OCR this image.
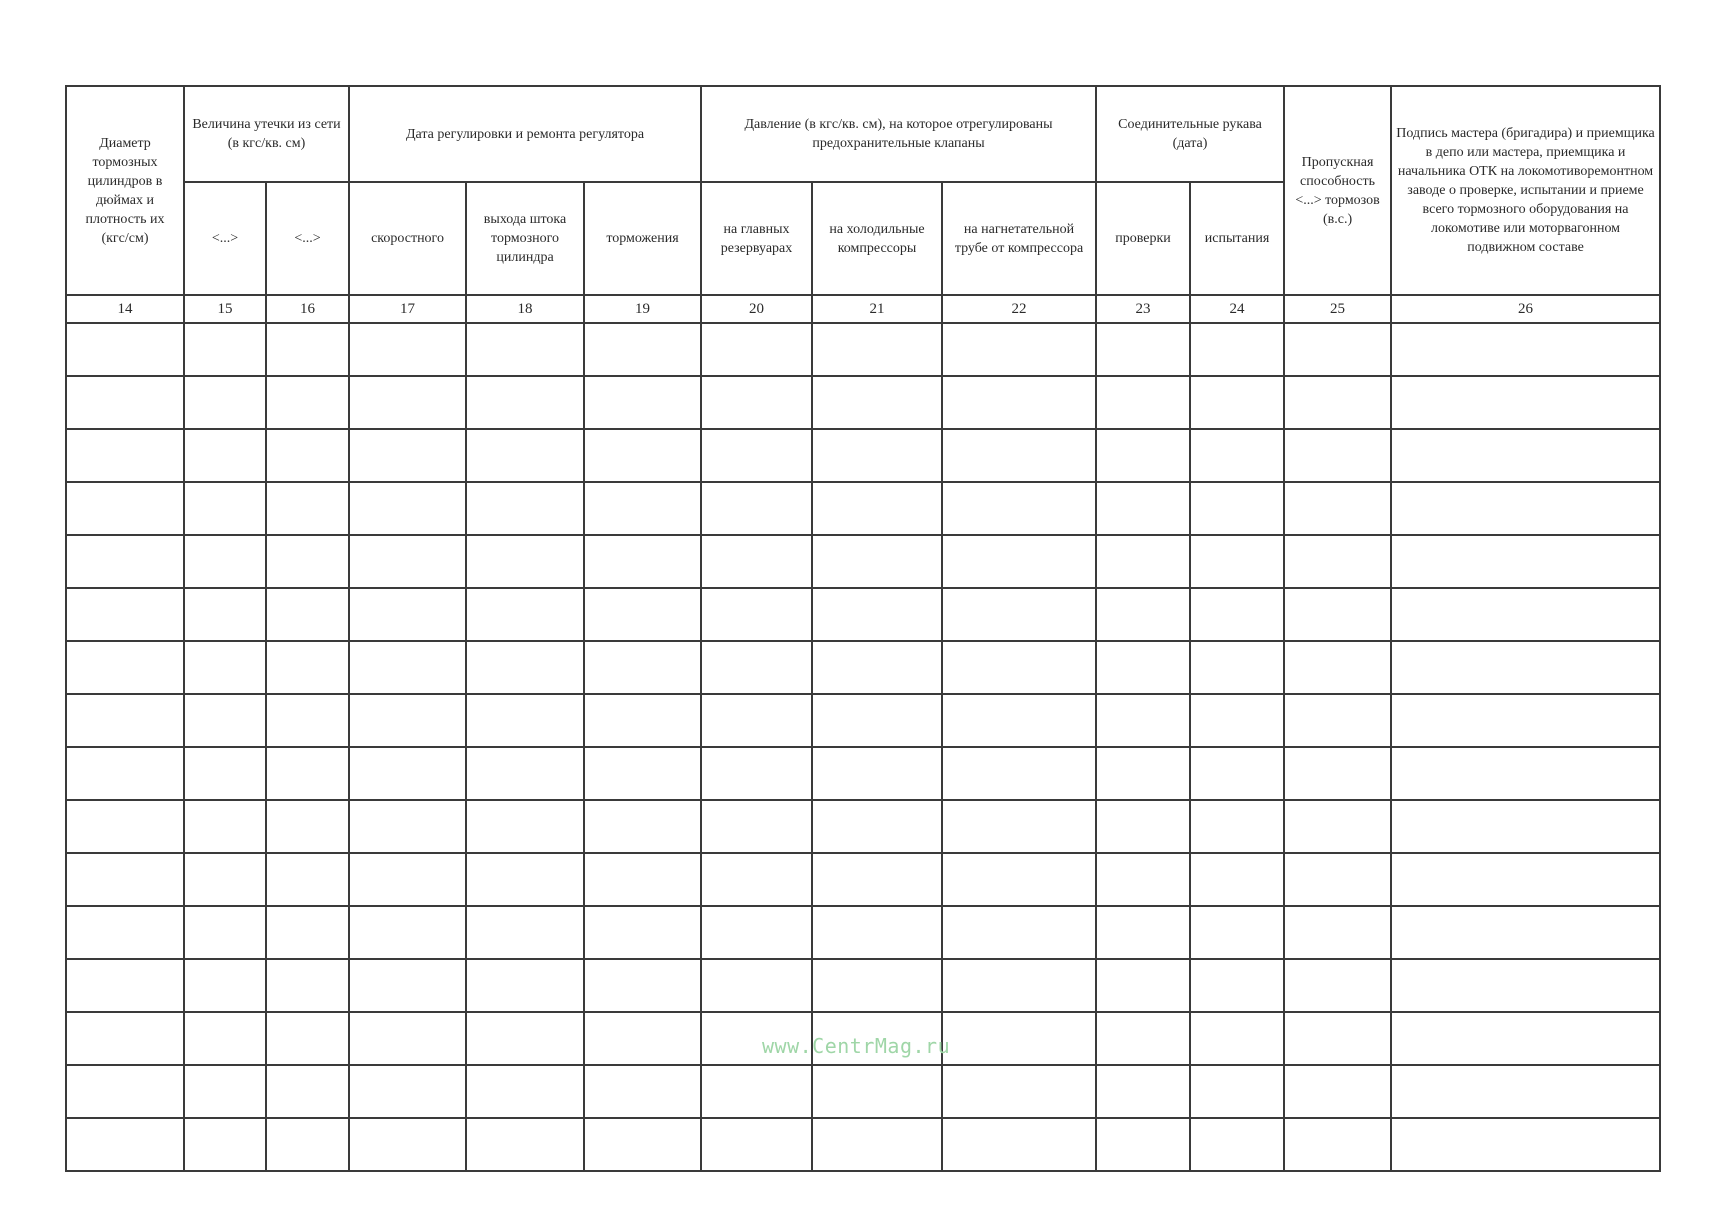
Диаметр тормозных цилиндров в дюймах и плотность их (кгс/см)	Величина утечки из сети (в кгс/кв. см)		Дата регулировки и ремонта регулятора			Давление (в кгс/кв. см), на которое отрегулированы предохранительные клапаны			Соединительные рукава (дата)		Пропускная способность <...> тормозов (в.с.)	Подпись мастера (бригадира) и приемщика в депо или мастера, приемщика и начальника ОТК на локомотиворемонтном заводе о проверке, испытании и приеме всего тормозного оборудования на локомотиве или моторвагонном подвижном составе
	<...>	<...>	скоростного	выхода штока тормозного цилиндра	торможения	на главных резервуарах	на холодильные компрессоры	на нагнетательной трубе от компрессора	проверки	испытания		
14	15	16	17	18	19	20	21	22	23	24	25	26

www.CentrMag.ru
